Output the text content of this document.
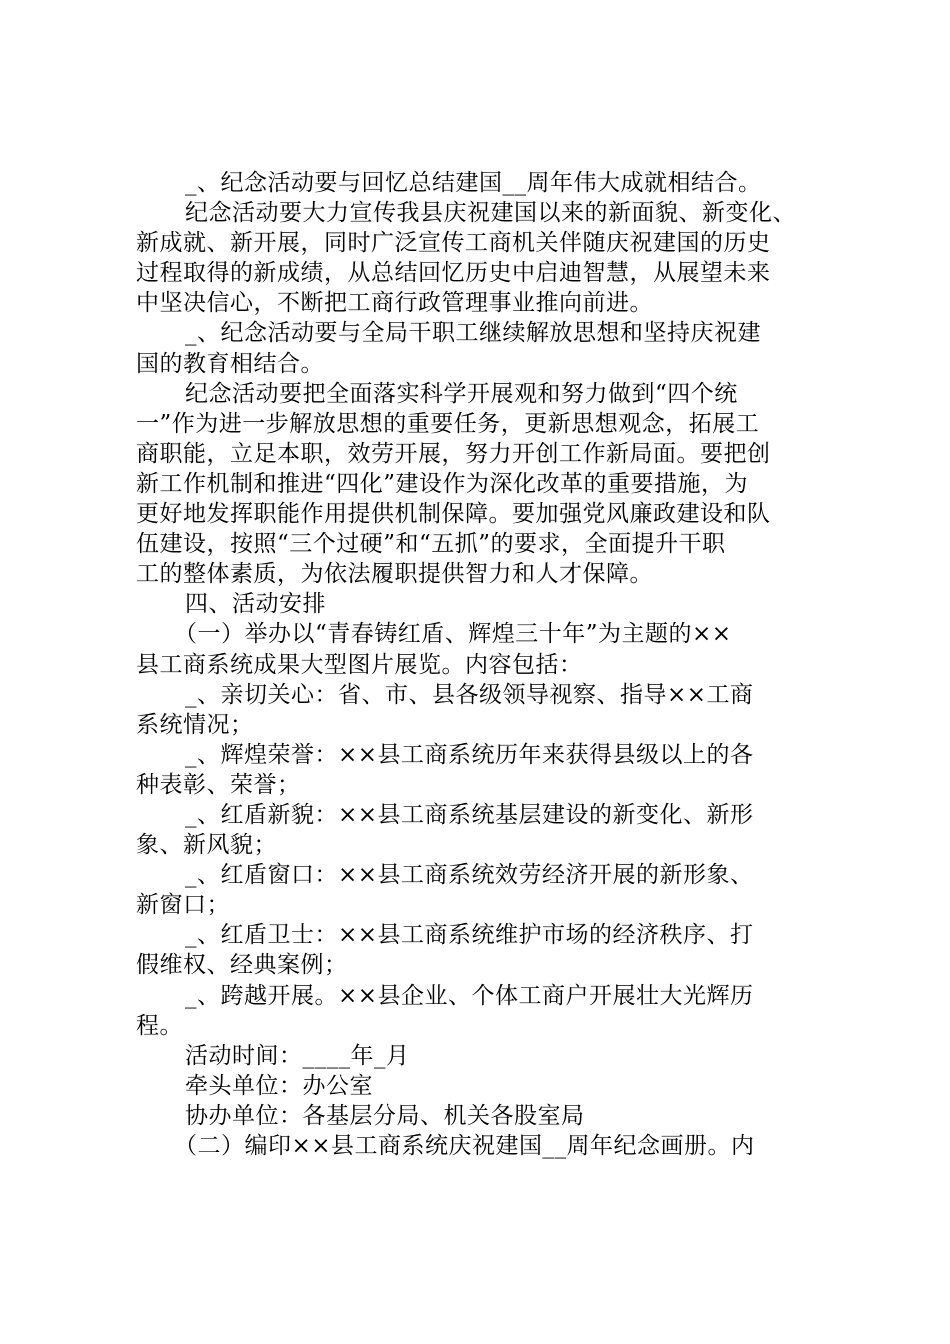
_、纪念活动要与回忆总结建国__周年伟大成就相结合。
纪念活动要大力宣传我县庆祝建国以来的新面貌、新变化、
新成就、新开展，同时广泛宣传工商机关伴随庆祝建国的历史
过程取得的新成绩，从总结回忆历史中启迪智慧，从展望未来
中坚决信心，不断把工商行政管理事业推向前进。
_、纪念活动要与全局干职工继续解放思想和坚持庆祝建
国的教育相结合。
纪念活动要把全面落实科学开展观和努力做到“四个统
一”作为进一步解放思想的重要任务，更新思想观念，拓展工
商职能，立足本职，效劳开展，努力开创工作新局面。要把创
新工作机制和推进“四化”建设作为深化改革的重要措施，为
更好地发挥职能作用提供机制保障。要加强党风廉政建设和队
伍建设，按照“三个过硬”和“五抓”的要求，全面提升干职
工的整体素质，为依法履职提供智力和人才保障。
四、活动安排
（一）举办以“青春铸红盾、辉煌三十年”为主题的××
县工商系统成果大型图片展览。内容包括：
_、亲切关心：省、市、县各级领导视察、指导××工商
系统情况；
_、辉煌荣誉：××县工商系统历年来获得县级以上的各
种表彰、荣誉；
_、红盾新貌：××县工商系统基层建设的新变化、新形
象、新风貌；
_、红盾窗口：××县工商系统效劳经济开展的新形象、
新窗口；
_、红盾卫士：××县工商系统维护市场的经济秩序、打
假维权、经典案例；
_、跨越开展。××县企业、个体工商户开展壮大光辉历
程。
活动时间：____年_月
牵头单位：办公室
协办单位：各基层分局、机关各股室局
（二）编印××县工商系统庆祝建国__周年纪念画册。内
